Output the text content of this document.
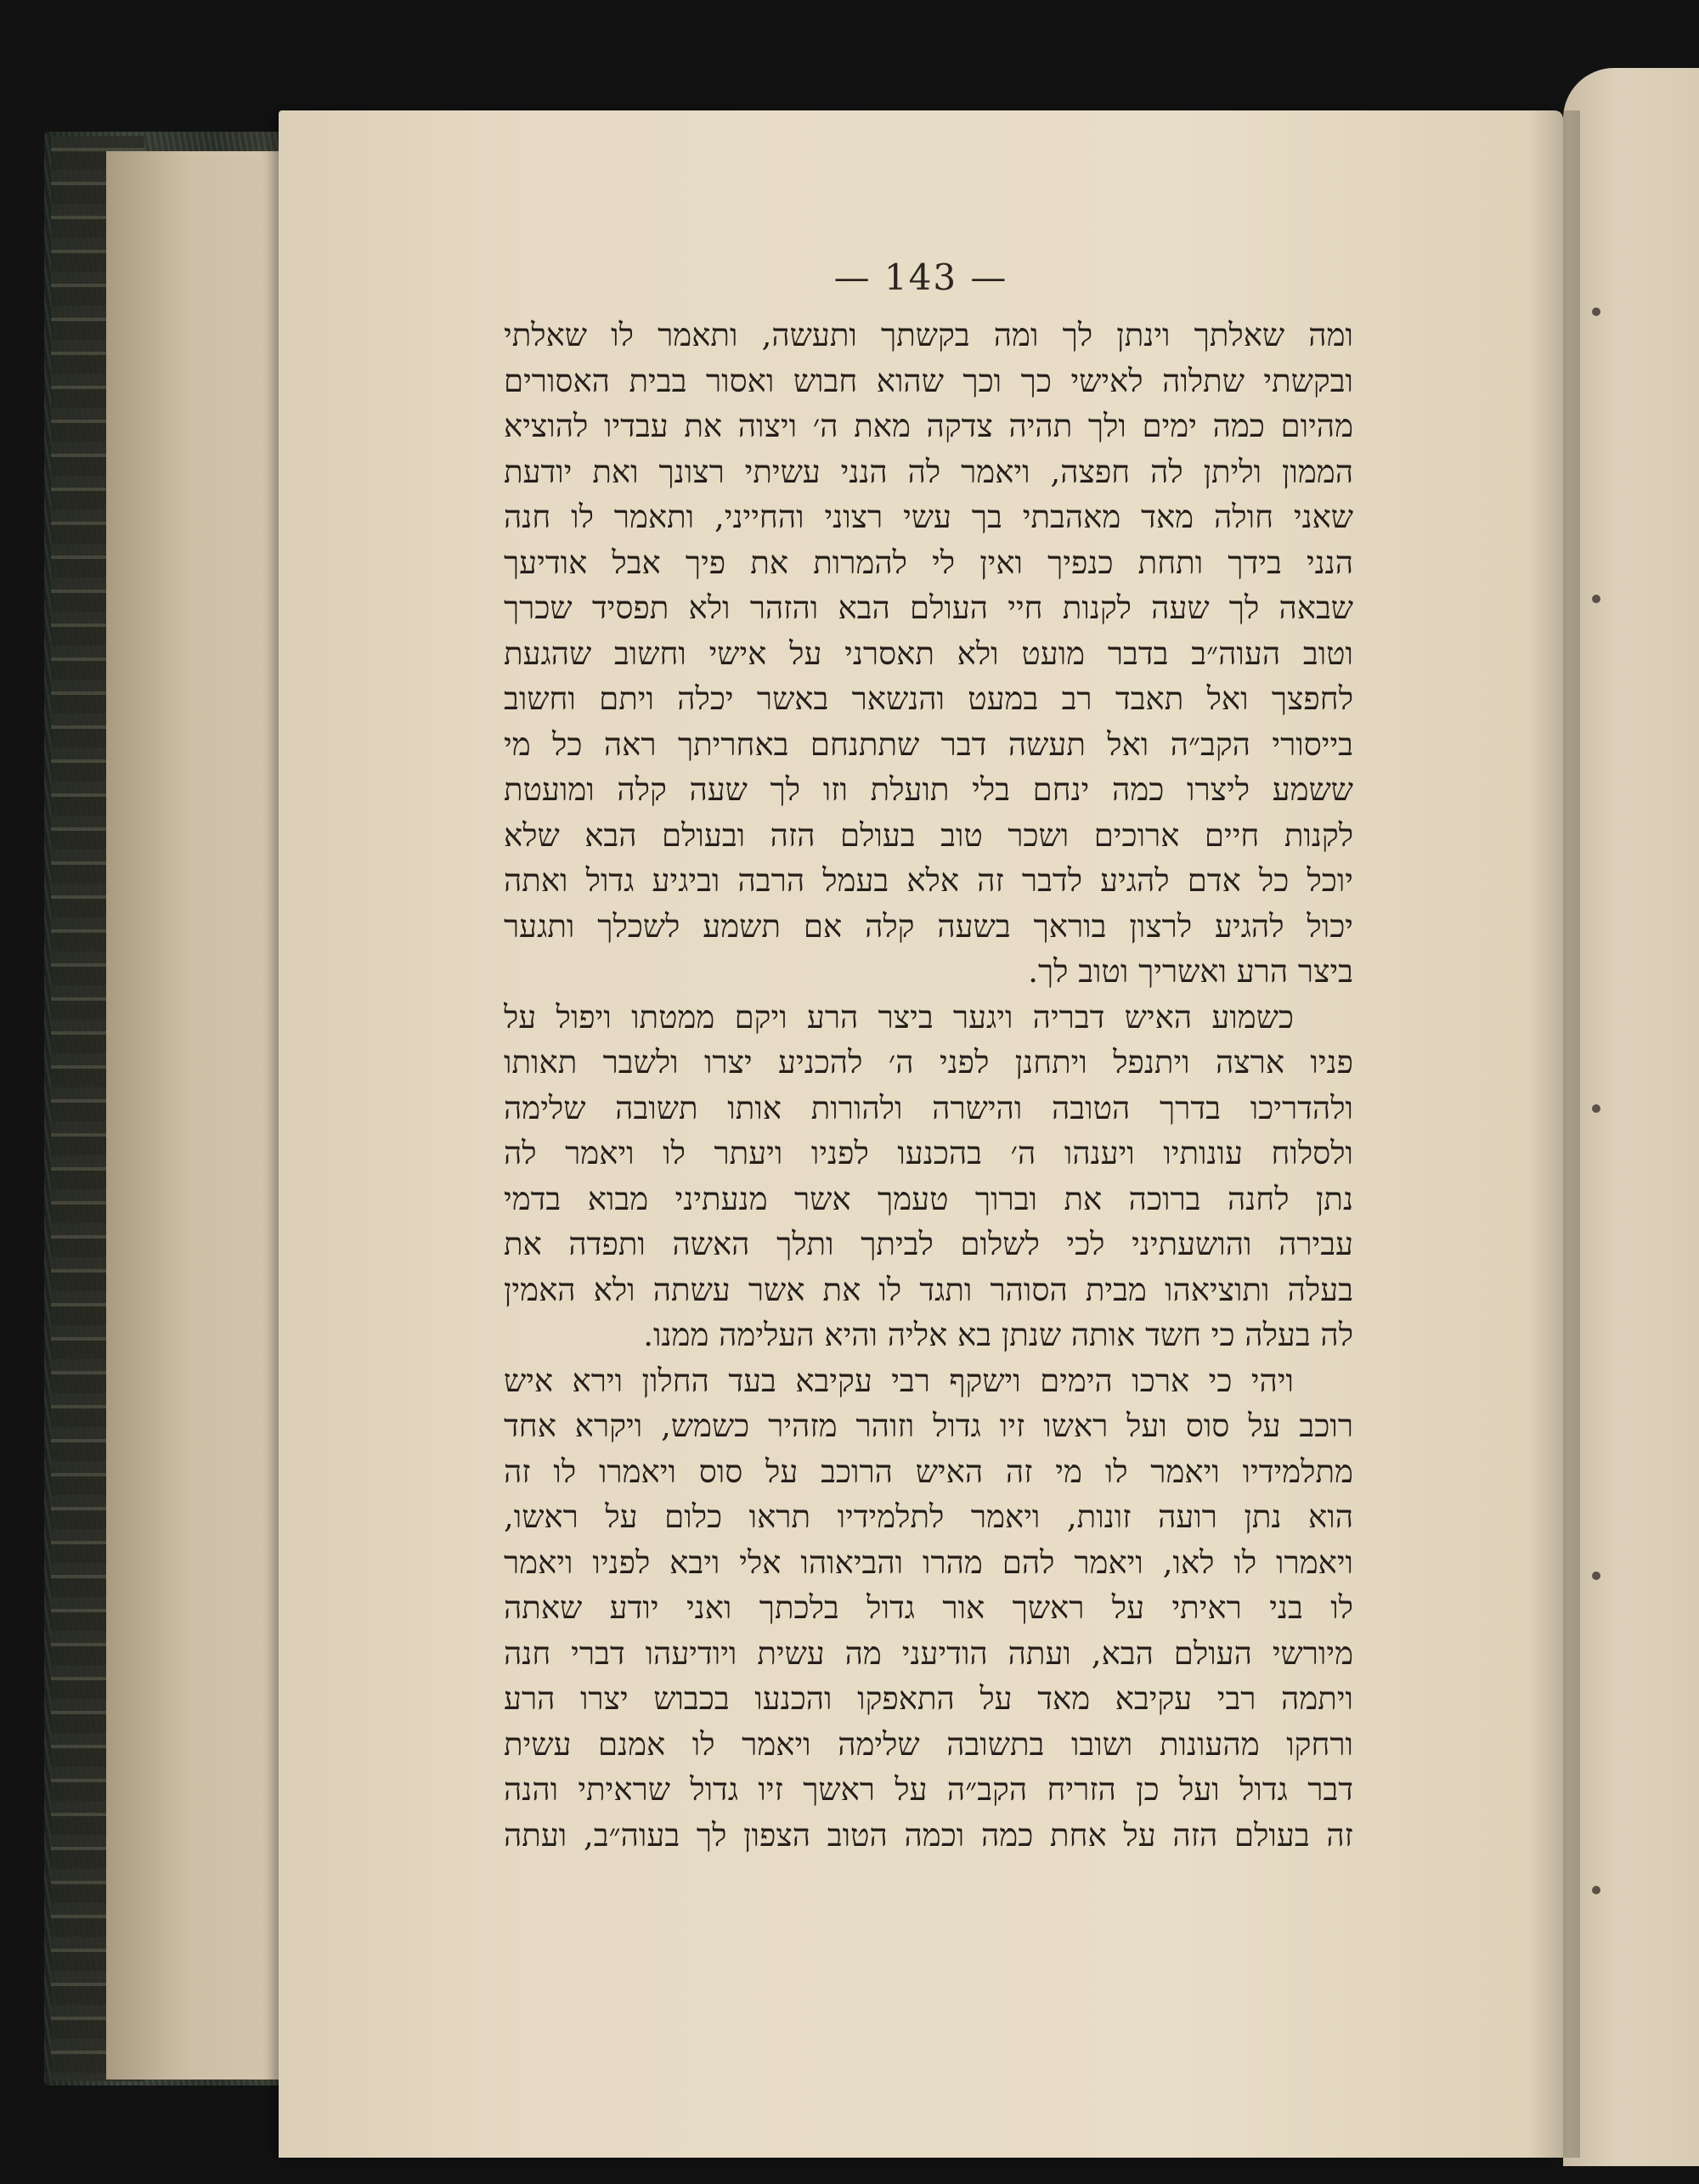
— 143 —
ומה שאלתך וינתן לך ומה בקשתך ותעשה, ותאמר לו שאלתי
ובקשתי שתלוה לאישי כך וכך שהוא חבוש ואסור בבית האסורים
מהיום כמה ימים ולך תהיה צדקה מאת ה׳ ויצוה את עבדיו להוציא
הממון וליתן לה חפצה, ויאמר לה הנני עשיתי רצונך ואת יודעת
שאני חולה מאד מאהבתי בך עשי רצוני והחייני, ותאמר לו חנה
הנני בידך ותחת כנפיך ואין לי להמרות את פיך אבל אודיעך
שבאה לך שעה לקנות חיי העולם הבא והזהר ולא תפסיד שכרך
וטוב העוה״ב בדבר מועט ולא תאסרני על אישי וחשוב שהגעת
לחפצך ואל תאבד רב במעט והנשאר באשר יכלה ויתם וחשוב
בייסורי הקב״ה ואל תעשה דבר שתתנחם באחריתך ראה כל מי
ששמע ליצרו כמה ינחם בלי תועלת וזו לך שעה קלה ומועטת
לקנות חיים ארוכים ושכר טוב בעולם הזה ובעולם הבא שלא
יוכל כל אדם להגיע לדבר זה אלא בעמל הרבה וביגיע גדול ואתה
יכול להגיע לרצון בוראך בשעה קלה אם תשמע לשכלך ותגער
ביצר הרע ואשריך וטוב לך.
כשמוע האיש דבריה ויגער ביצר הרע ויקם ממטתו ויפול על
פניו ארצה ויתנפל ויתחנן לפני ה׳ להכניע יצרו ולשבר תאותו
ולהדריכו בדרך הטובה והישרה ולהורות אותו תשובה שלימה
ולסלוח עונותיו ויענהו ה׳ בהכנעו לפניו ויעתר לו ויאמר לה
נתן לחנה ברוכה את וברוך טעמך אשר מנעתיני מבוא בדמי
עבירה והושעתיני לכי לשלום לביתך ותלך האשה ותפדה את
בעלה ותוציאהו מבית הסוהר ותגד לו את אשר עשתה ולא האמין
לה בעלה כי חשד אותה שנתן בא אליה והיא העלימה ממנו.
ויהי כי ארכו הימים וישקף רבי עקיבא בעד החלון וירא איש
רוכב על סוס ועל ראשו זיו גדול וזוהר מזהיר כשמש, ויקרא אחד
מתלמידיו ויאמר לו מי זה האיש הרוכב על סוס ויאמרו לו זה
הוא נתן רועה זונות, ויאמר לתלמידיו תראו כלום על ראשו,
ויאמרו לו לאו, ויאמר להם מהרו והביאוהו אלי ויבא לפניו ויאמר
לו בני ראיתי על ראשך אור גדול בלכתך ואני יודע שאתה
מיורשי העולם הבא, ועתה הודיעני מה עשית ויודיעהו דברי חנה
ויתמה רבי עקיבא מאד על התאפקו והכנעו בכבוש יצרו הרע
ורחקו מהעונות ושובו בתשובה שלימה ויאמר לו אמנם עשית
דבר גדול ועל כן הזריח הקב״ה על ראשך זיו גדול שראיתי והנה
זה בעולם הזה על אחת כמה וכמה הטוב הצפון לך בעוה״ב, ועתה
